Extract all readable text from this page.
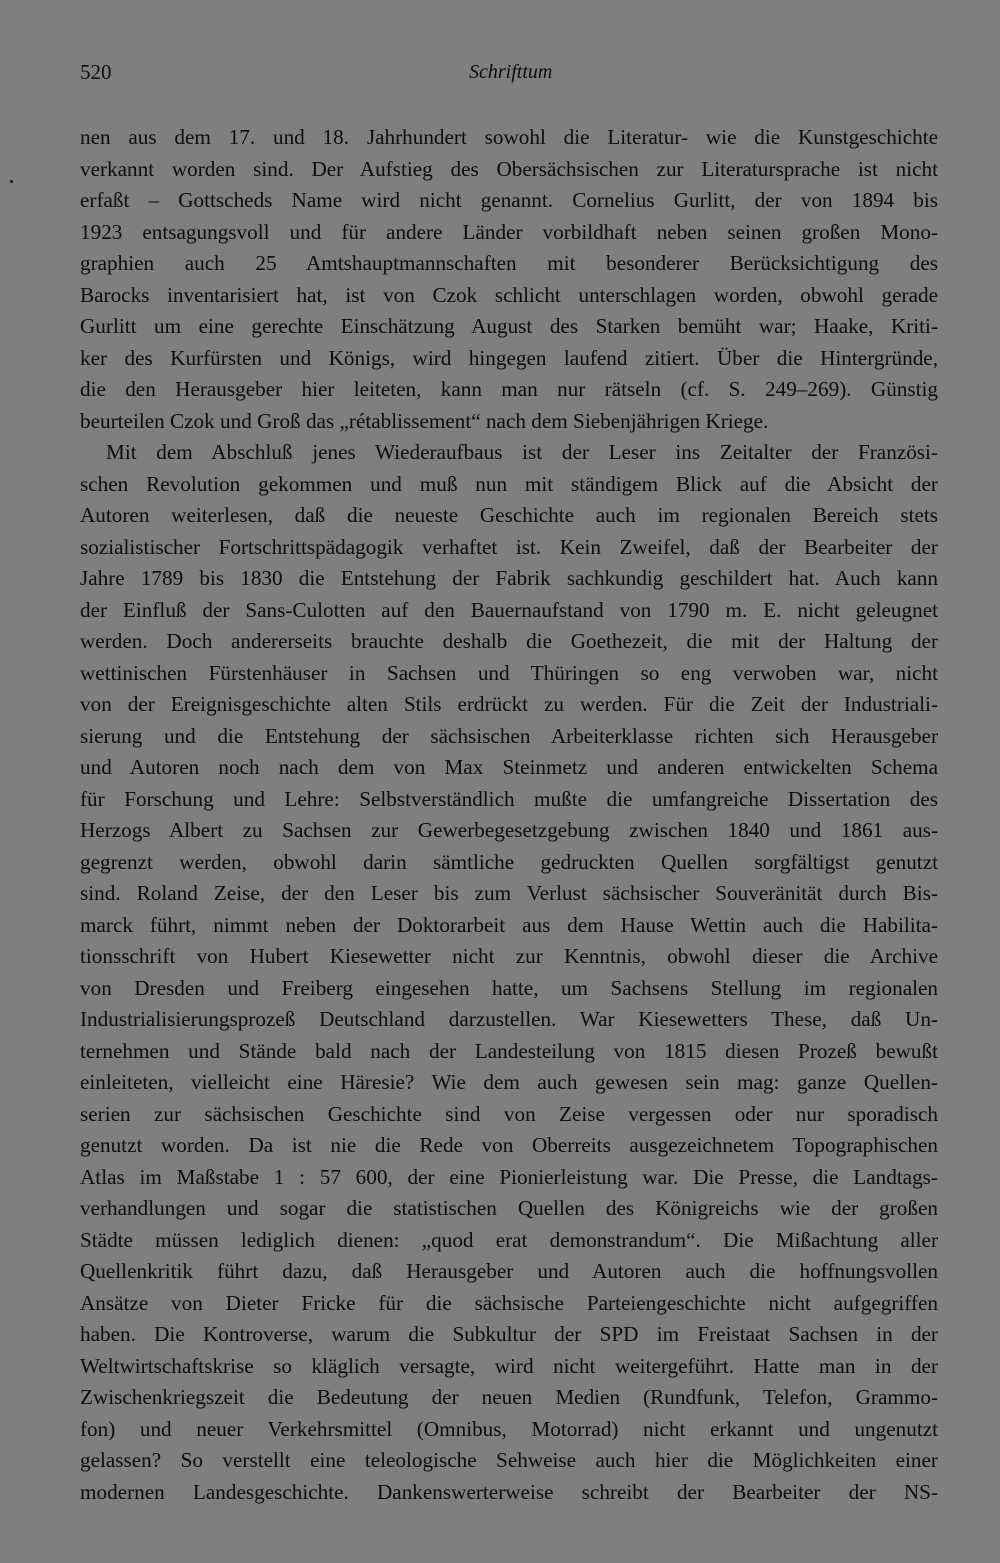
520	Schrifttum
nen aus dem 17. und 18. Jahrhundert sowohl die Literatur- wie die Kunstgeschichte
verkannt worden sind. Der Aufstieg des Obersächsischen zur Literatursprache ist nicht
erfaßt – Gottscheds Name wird nicht genannt. Cornelius Gurlitt, der von 1894 bis
1923 entsagungsvoll und für andere Länder vorbildhaft neben seinen großen Mono-
graphien auch 25 Amtshauptmannschaften mit besonderer Berücksichtigung des
Barocks inventarisiert hat, ist von Czok schlicht unterschlagen worden, obwohl gerade
Gurlitt um eine gerechte Einschätzung August des Starken bemüht war; Haake, Kriti-
ker des Kurfürsten und Königs, wird hingegen laufend zitiert. Über die Hintergründe,
die den Herausgeber hier leiteten, kann man nur rätseln (cf. S. 249–269). Günstig
beurteilen Czok und Groß das „rétablissement“ nach dem Siebenjährigen Kriege.
Mit dem Abschluß jenes Wiederaufbaus ist der Leser ins Zeitalter der Französi-
schen Revolution gekommen und muß nun mit ständigem Blick auf die Absicht der
Autoren weiterlesen, daß die neueste Geschichte auch im regionalen Bereich stets
sozialistischer Fortschrittspädagogik verhaftet ist. Kein Zweifel, daß der Bearbeiter der
Jahre 1789 bis 1830 die Entstehung der Fabrik sachkundig geschildert hat. Auch kann
der Einfluß der Sans-Culotten auf den Bauernaufstand von 1790 m. E. nicht geleugnet
werden. Doch andererseits brauchte deshalb die Goethezeit, die mit der Haltung der
wettinischen Fürstenhäuser in Sachsen und Thüringen so eng verwoben war, nicht
von der Ereignisgeschichte alten Stils erdrückt zu werden. Für die Zeit der Industriali-
sierung und die Entstehung der sächsischen Arbeiterklasse richten sich Herausgeber
und Autoren noch nach dem von Max Steinmetz und anderen entwickelten Schema
für Forschung und Lehre: Selbstverständlich mußte die umfangreiche Dissertation des
Herzogs Albert zu Sachsen zur Gewerbegesetzgebung zwischen 1840 und 1861 aus-
gegrenzt werden, obwohl darin sämtliche gedruckten Quellen sorgfältigst genutzt
sind. Roland Zeise, der den Leser bis zum Verlust sächsischer Souveränität durch Bis-
marck führt, nimmt neben der Doktorarbeit aus dem Hause Wettin auch die Habilita-
tionsschrift von Hubert Kiesewetter nicht zur Kenntnis, obwohl dieser die Archive
von Dresden und Freiberg eingesehen hatte, um Sachsens Stellung im regionalen
Industrialisierungsprozeß Deutschland darzustellen. War Kiesewetters These, daß Un-
ternehmen und Stände bald nach der Landesteilung von 1815 diesen Prozeß bewußt
einleiteten, vielleicht eine Häresie? Wie dem auch gewesen sein mag: ganze Quellen-
serien zur sächsischen Geschichte sind von Zeise vergessen oder nur sporadisch
genutzt worden. Da ist nie die Rede von Oberreits ausgezeichnetem Topographischen
Atlas im Maßstabe 1 : 57 600, der eine Pionierleistung war. Die Presse, die Landtags-
verhandlungen und sogar die statistischen Quellen des Königreichs wie der großen
Städte müssen lediglich dienen: „quod erat demonstrandum“. Die Mißachtung aller
Quellenkritik führt dazu, daß Herausgeber und Autoren auch die hoffnungsvollen
Ansätze von Dieter Fricke für die sächsische Parteiengeschichte nicht aufgegriffen
haben. Die Kontroverse, warum die Subkultur der SPD im Freistaat Sachsen in der
Weltwirtschaftskrise so kläglich versagte, wird nicht weitergeführt. Hatte man in der
Zwischenkriegszeit die Bedeutung der neuen Medien (Rundfunk, Telefon, Grammo-
fon) und neuer Verkehrsmittel (Omnibus, Motorrad) nicht erkannt und ungenutzt
gelassen? So verstellt eine teleologische Sehweise auch hier die Möglichkeiten einer
modernen Landesgeschichte. Dankenswerterweise schreibt der Bearbeiter der NS-
